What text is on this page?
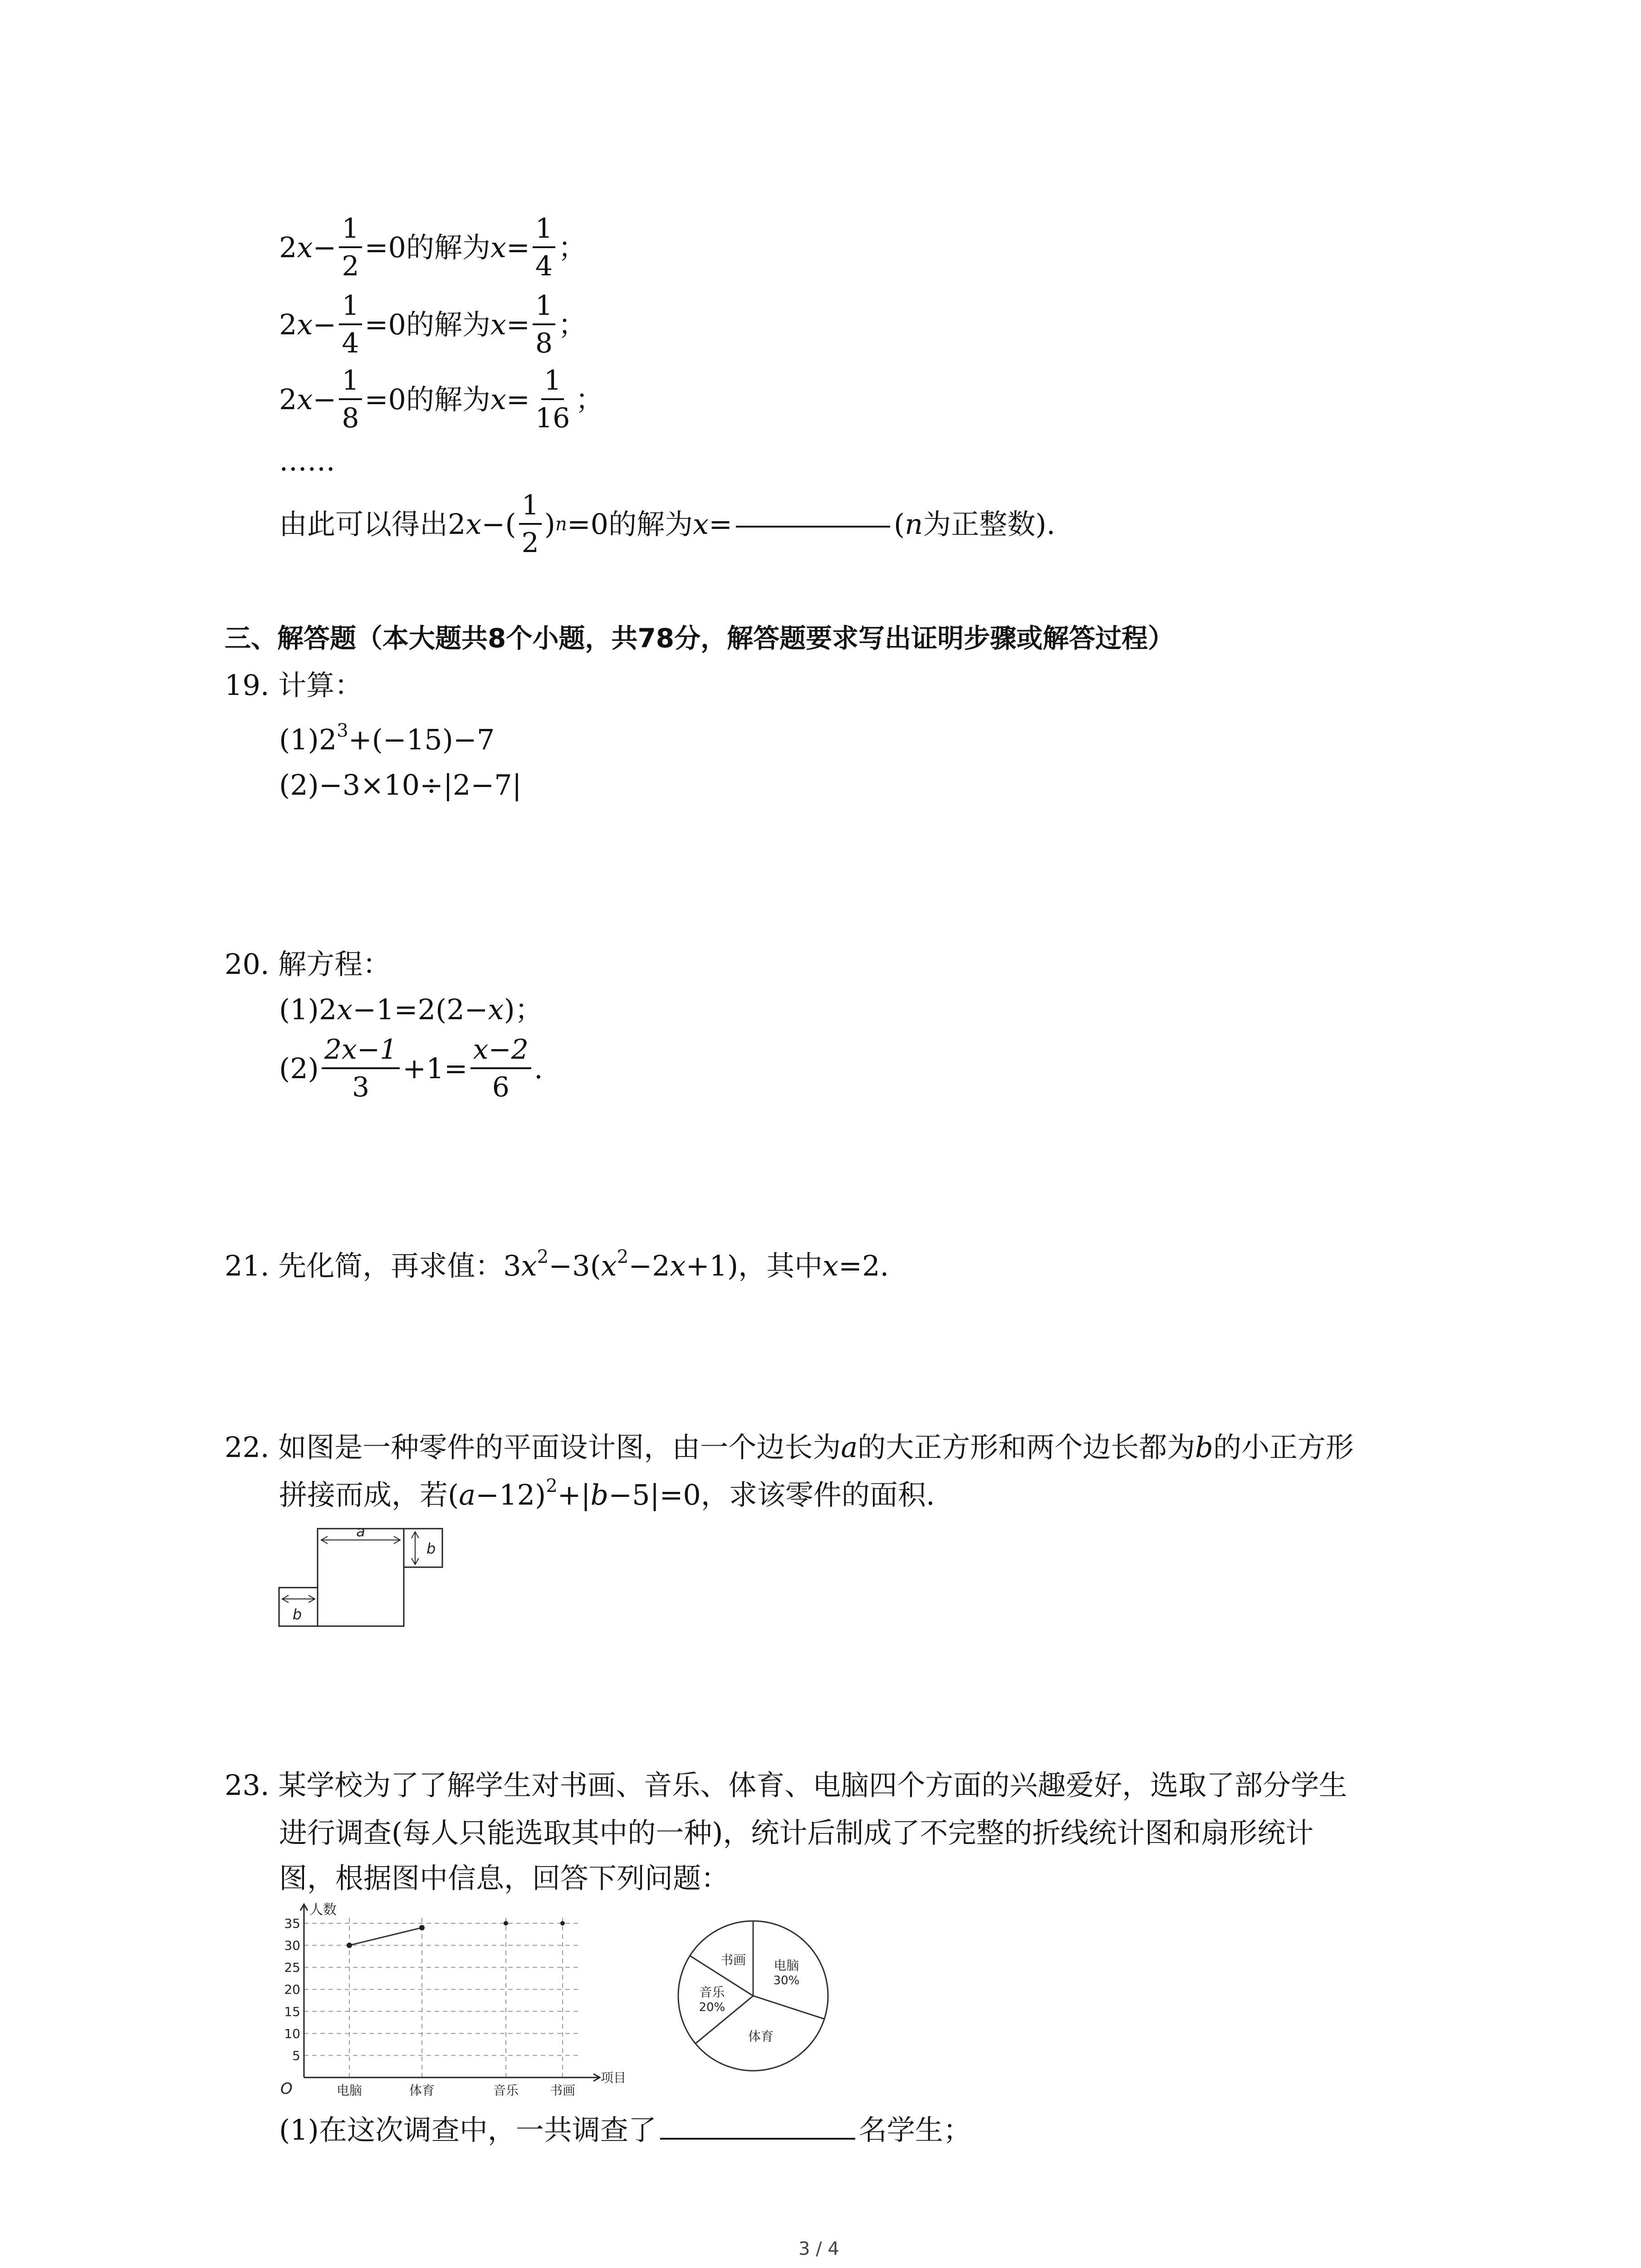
2 $x - \frac{1}{2} =0$的解为 $x = \frac{1}{4}$ ；
2 $x - \frac{1}{4} =0$的解为 $x = \frac{1}{8}$ ；
2 $x - \frac{1}{8} =0$的解为 $x = \frac{1}{16}$ ；
……
由此可以得出2 x −( $\frac{1}{2}$ ) n =0的解为 x =	( n 为正整数).
三、解答题（本大题共8个小题，共78分，解答题要求写出证明步骤或解答过程）
19. 计算：
$(1)2^3+(-15)-7$
(2)−3×10÷|2−7|
20. 解方程：
(1)2x−1=2(2−x)；
$(2) \frac{2x-1}{3} +1= \frac{x-2}{6}$ .
21. 先化简，再求值：$3x^2-3(x^2-2x+1)$，其中x=2.
22. 如图是一种零件的平面设计图，由一个边长为a的大正方形和两个边长都为b的小正方形
拼接而成，若$(a-12)^2+|b-5|=0$，求该零件的面积.
a
b
b
23. 某学校为了了解学生对书画、音乐、体育、电脑四个方面的兴趣爱好，选取了部分学生
进行调查(每人只能选取其中的一种)，统计后制成了不完整的折线统计图和扇形统计
图，根据图中信息，回答下列问题：
5
10
15
20
25
30
35
人数
项目
O	电脑	体育	音乐 书画
电脑
30%
体育
音乐
20%
书画
(1)在这次调查中，一共调查了	名学生；
3 / 4
